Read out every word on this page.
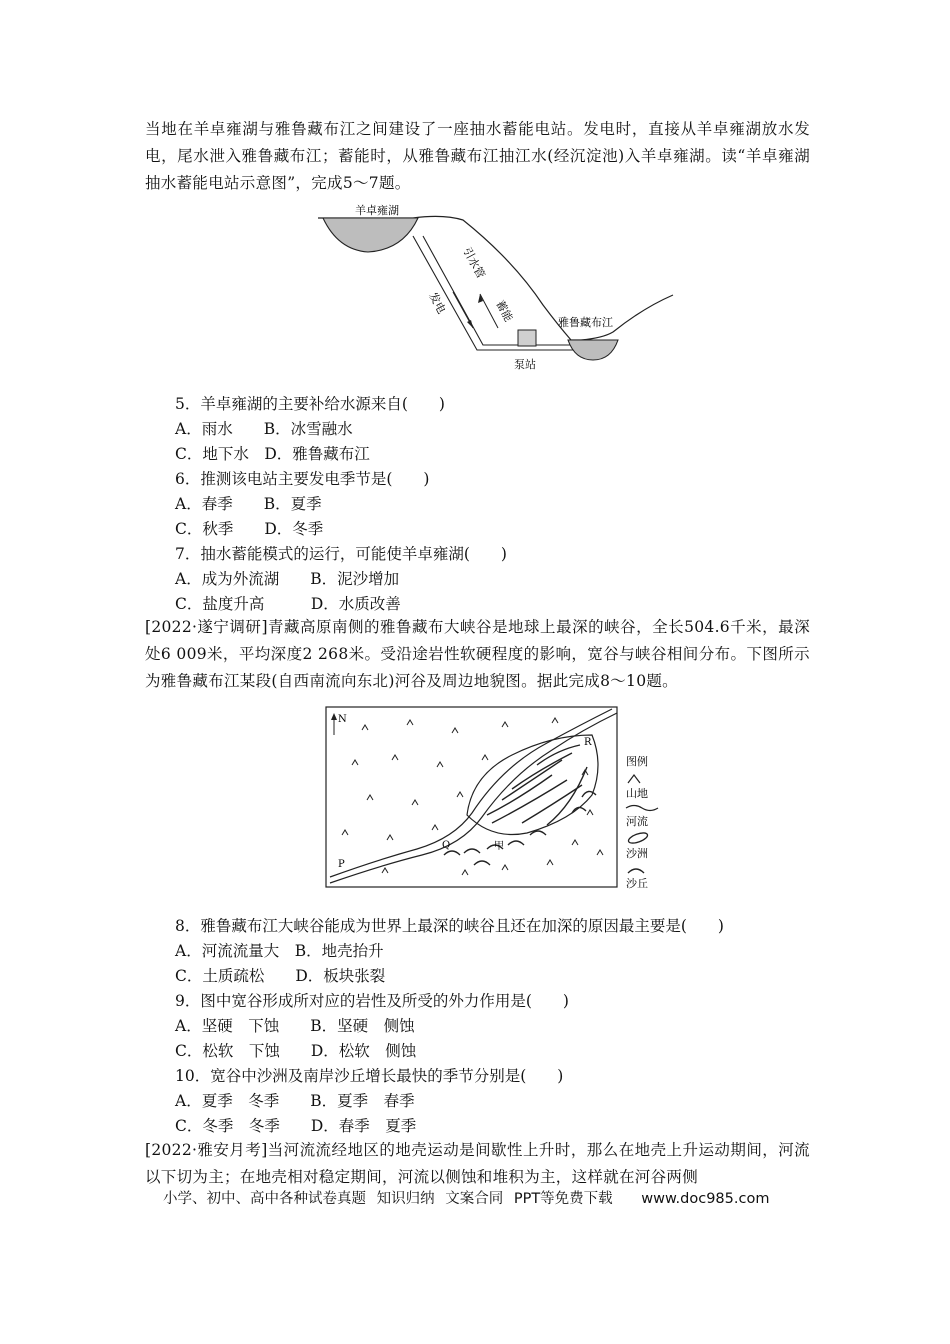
当地在羊卓雍湖与雅鲁藏布江之间建设了一座抽水蓄能电站。发电时，直接从羊卓雍湖放水发电，尾水泄入雅鲁藏布江；蓄能时，从雅鲁藏布江抽江水(经沉淀池)入羊卓雍湖。读“羊卓雍湖抽水蓄能电站示意图”，完成5～7题。

羊卓雍湖
引水管
发电	蓄能
泵站
雅鲁藏布江

5．羊卓雍湖的主要补给水源来自(　　)

A．雨水　　B．冰雪融水

C．地下水　D．雅鲁藏布江

6．推测该电站主要发电季节是(　　)

A．春季　　B．夏季

C．秋季　　D．冬季

7．抽水蓄能模式的运行，可能使羊卓雍湖(　　)

A．成为外流湖　　B．泥沙增加

C．盐度升高　　　D．水质改善

[2022·遂宁调研]青藏高原南侧的雅鲁藏布大峡谷是地球上最深的峡谷，全长504.6千米，最深处6 009米，平均深度2 268米。受沿途岩性软硬程度的影响，宽谷与峡谷相间分布。下图所示为雅鲁藏布江某段(自西南流向东北)河谷及周边地貌图。据此完成8～10题。

N
R
Q	甲
P
图例
山地
河流
沙洲
沙丘

8．雅鲁藏布江大峡谷能成为世界上最深的峡谷且还在加深的原因最主要是(　　)

A．河流流量大　B．地壳抬升

C．土质疏松　　D．板块张裂

9．图中宽谷形成所对应的岩性及所受的外力作用是(　　)

A．坚硬　下蚀　　B．坚硬　侧蚀

C．松软　下蚀　　D．松软　侧蚀

10．宽谷中沙洲及南岸沙丘增长最快的季节分别是(　　)

A．夏季　冬季　　B．夏季　春季

C．冬季　冬季　　D．春季　夏季

[2022·雅安月考]当河流流经地区的地壳运动是间歇性上升时，那么在地壳上升运动期间，河流以下切为主；在地壳相对稳定期间，河流以侧蚀和堆积为主，这样就在河谷两侧

小学、初中、高中各种试卷真题 知识归纳 文案合同 PPT等免费下载 www.doc985.com
